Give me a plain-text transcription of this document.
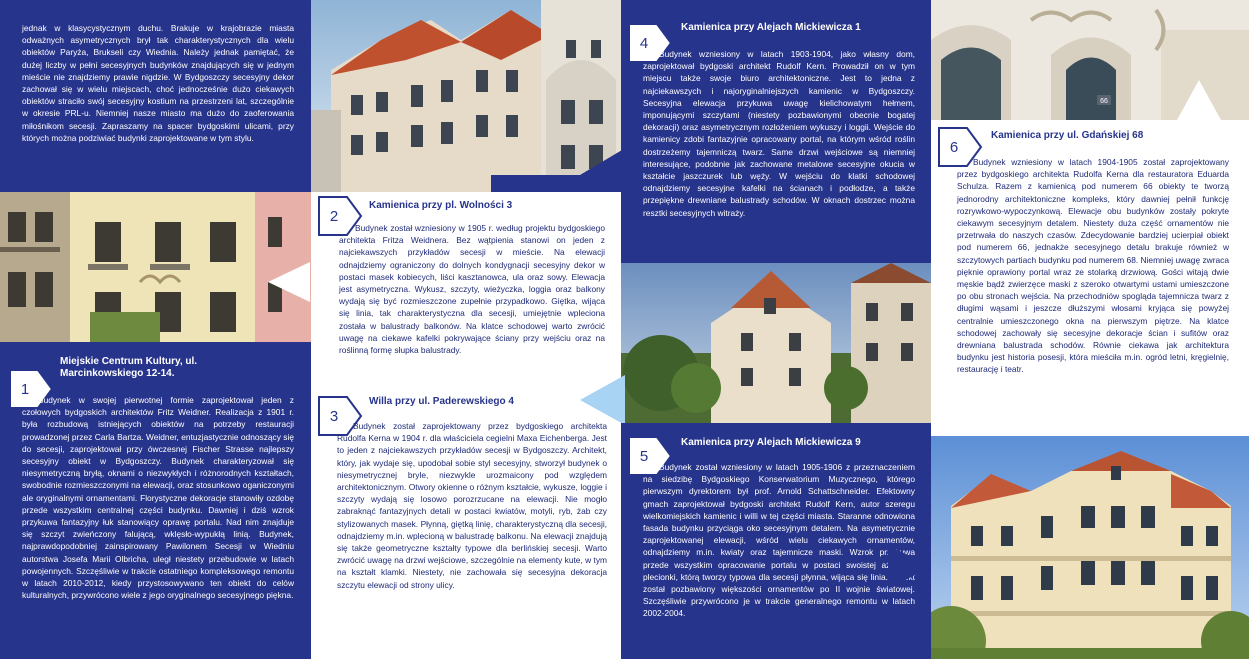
jednak w klasycystycznym duchu. Brakuje w krajobrazie miasta odważnych asymetrycznych brył tak charakterystycznych dla wielu obiektów Paryża, Brukseli czy Wiednia. Należy jednak pamiętać, że dużej liczby w pełni secesyjnych budynków znajdujących się w jednym mieście nie znajdziemy prawie nigdzie. W Bydgoszczy secesyjny dekor zachował się w wielu miejscach, choć jednocześnie dużo ciekawych obiektów straciło swój secesyjny kostium na przestrzeni lat, szczególnie w okresie PRL-u. Niemniej nasze miasto ma dużo do zaoferowania miłośnikom secesji. Zapraszamy na spacer bydgoskimi ulicami, przy których można podziwiać budynki zaprojektowane w tym stylu.

1
Miejskie Centrum Kultury, ul. Marcinkowskiego 12-14.

Budynek w swojej pierwotnej formie zaprojektował jeden z czołowych bydgoskich architektów Fritz Weidner. Realizacja z 1901 r. była rozbudową istniejących obiektów na potrzeby restauracji prowadzonej przez Carla Bartza. Weidner, entuzjastycznie odnoszący się do secesji, zaprojektował przy ówczesnej Fischer Strasse najlepszy secesyjny obiekt w Bydgoszczy. Budynek charakteryzował się niesymetryczną bryłą, oknami o niezwykłych i różnorodnych kształtach, swobodnie rozmieszczonymi na elewacji, oraz stosunkowo oganiczonymi ale oryginalnymi ornamentami. Florystyczne dekoracje stanowiły ozdobę przede wszystkim centralnej części budynku. Dawniej i dziś wzrok przykuwa fantazyjny łuk stanowiący oprawę portalu. Nad nim znajduje się szczyt zwieńczony falującą, wklęsło-wypukłą linią. Budynek, najprawdopodobniej zainspirowany Pawilonem Secesji w Wiedniu autorstwa Josefa Marii Olbricha, uległ niestety przebudowie w latach powojennych. Szczęśliwie w trakcie ostatniego kompleksowego remontu w latach 2010-2012, kiedy przystosowywano ten obiekt do celów kulturalnych, przywrócono wiele z jego oryginalnego secesyjnego piękna.

2
Kamienica przy pl. Wolności 3

Budynek został wzniesiony w 1905 r. według projektu bydgoskiego architekta Fritza Weidnera. Bez wątpienia stanowi on jeden z najciekawszych przykładów secesji w mieście. Na elewacji odnajdziemy ograniczony do dolnych kondygnacji secesyjny dekor w postaci masek kobiecych, liści kasztanowca, ula oraz sowy. Elewacja jest asymetryczna. Wykusz, szczyty, wieżyczka, loggia oraz balkony wydają się być rozmieszczone zupełnie przypadkowo. Giętka, wijąca się linia, tak charakterystyczna dla secesji, umiejętnie wpleciona została w balustrady balkonów. Na klatce schodowej warto zwrócić uwagę na ciekawe kafelki pokrywające ściany przy wejściu oraz na roślinną formę słupka balustrady.

3
Willa przy ul. Paderewskiego 4

Budynek został zaprojektowany przez bydgoskiego architekta Rudolfa Kerna w 1904 r. dla właściciela cegielni Maxa Eichenberga. Jest to jeden z najciekawszych przykładów secesji w Bydgoszczy. Architekt, który, jak wydaje się, upodobał sobie styl secesyjny, stworzył budynek o niesymetrycznej bryle, niezwykle urozmaicony pod względem architektonicznym. Otwory okienne o różnym kształcie, wykusze, loggie i szczyty wydają się losowo porozrzucane na elewacji. Nie mogło zabraknąć fantazyjnych detali w postaci kwiatów, motyli, ryb, żab czy stylizowanych masek. Płynną, giętką linię, charakterystyczną dla secesji, odnajdziemy m.in. wplecioną w balustradę balkonu. Na elewacji znajdują się także geometryczne kształty typowe dla berlińskiej secesji. Warto zwrócić uwagę na drzwi wejściowe, szczególnie na elementy kute, w tym na kształt klamki. Niestety, nie zachowała się secesyjna dekoracja szczytu elewacji od strony ulicy.

4
Kamienica przy Alejach Mickiewicza 1

Budynek wzniesiony w latach 1903-1904, jako własny dom, zaprojektował bydgoski architekt Rudolf Kern. Prowadził on w tym miejscu także swoje biuro architektoniczne. Jest to jedna z najciekawszych i najoryginalniejszych kamienic w Bydgoszczy. Secesyjna elewacja przykuwa uwagę kielichowatym hełmem, imponującymi szczytami (niestety pozbawionymi obecnie bogatej dekoracji) oraz asymetrycznym rozłożeniem wykuszy i loggii. Wejście do kamienicy zdobi fantazyjnie opracowany portal, na którym wśród roślin dostrzeżemy tajemniczą twarz. Same drzwi wejściowe są niemniej interesujące, podobnie jak zachowane metalowe secesyjne okucia w kształcie jaszczurek lub węży. W wejściu do klatki schodowej odnajdziemy secesyjne kafelki na ścianach i podłodze, a także przepiękne drewniane balustrady schodów. W oknach dostrzec można resztki secesyjnych witraży.

5
Kamienica przy Alejach Mickiewicza 9

Budynek został wzniesiony w latach 1905-1906 z przeznaczeniem na siedzibę Bydgoskiego Konserwatorium Muzycznego, którego pierwszym dyrektorem był prof. Arnold Schattschneider. Efektowny gmach zaprojektował bydgoski architekt Rudolf Kern, autor szeregu wielkomiejskich kamienic i willi w tej części miasta. Staranne odnowiona fasada budynku przyciąga oko secesyjnym detalem. Na asymetrycznie zaprojektowanej elewacji, wśród wielu ciekawych ornamentów, odnajdziemy m.in. kwiaty oraz tajemnicze maski. Wzrok przykuwa przede wszystkim opracowanie portalu w postaci swoistej ażurowej plecionki, którą tworzy typowa dla secesji płynna, wijąca się linia. Obiekt został pozbawiony większości ornamentów po II wojnie światowej. Szczęśliwie przywrócono je w trakcie generalnego remontu w latach 2002-2004.

66
6
Kamienica przy ul. Gdańskiej 68

Budynek wzniesiony w latach 1904-1905 został zaprojektowany przez bydgoskiego architekta Rudolfa Kerna dla restauratora Eduarda Schulza. Razem z kamienicą pod numerem 66 obiekty te tworzą jednorodny architektoniczne kompleks, który dawniej pełnił funkcję rozrywkowo-wypoczynkową. Elewacje obu budynków zostały pokryte ciekawym secesyjnym detalem. Niestety duża część ornamentów nie przetrwała do naszych czasów. Zdecydowanie bardziej ucierpiał obiekt pod numerem 66, jednakże secesyjnego detalu brakuje również w szczytowych partiach budynku pod numerem 68. Niemniej uwagę zwraca pięknie oprawiony portal wraz ze stolarką drzwiową. Gości witają dwie męskie bądź zwierzęce maski z szeroko otwartymi ustami umieszczone po obu stronach wejścia. Na przechodniów spogląda tajemnicza twarz z długimi wąsami i jeszcze dłuższymi włosami kryjąca się powyżej centralnie umieszczonego okna na pierwszym piętrze. Na klatce schodowej zachowały się secesyjne dekoracje ścian i sufitów oraz drewniana balustrada schodów. Równie ciekawa jak architektura budynku jest historia posesji, która mieściła m.in. ogród letni, kręgielnię, restaurację i teatr.
